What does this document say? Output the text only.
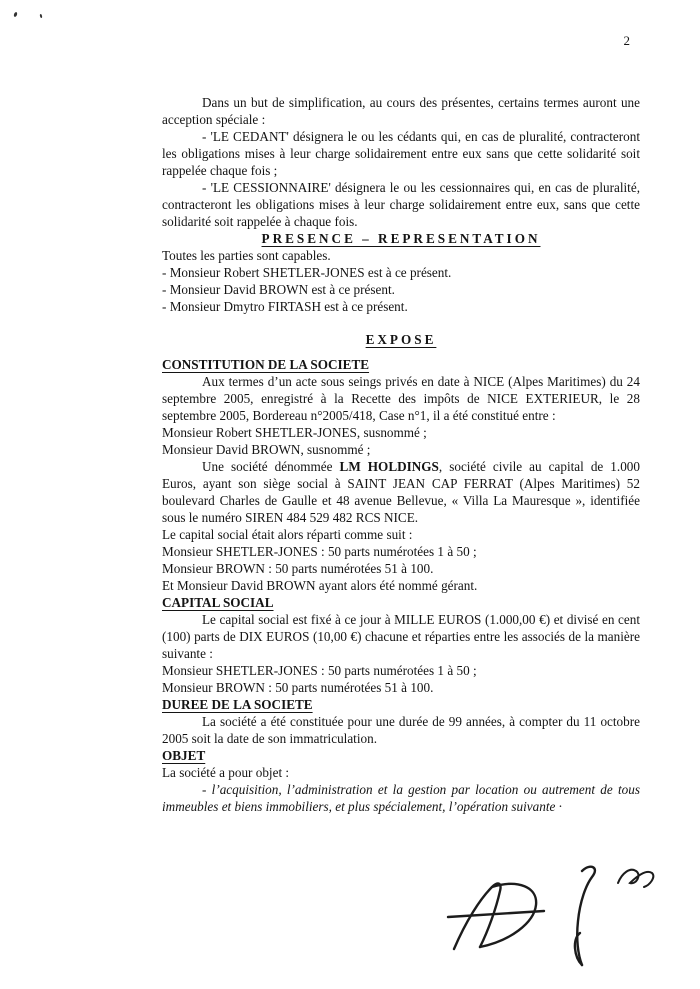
2

Dans un but de simplification, au cours des présentes, certains termes auront une acception spéciale :

- 'LE CEDANT' désignera le ou les cédants qui, en cas de pluralité, contracteront les obligations mises à leur charge solidairement entre eux sans que cette solidarité soit rappelée chaque fois ;

- 'LE CESSIONNAIRE' désignera le ou les cessionnaires qui, en cas de pluralité, contracteront les obligations mises à leur charge solidairement entre eux, sans que cette solidarité soit rappelée à chaque fois.

PRESENCE – REPRESENTATION

Toutes les parties sont capables.

- Monsieur Robert SHETLER-JONES est à ce présent.

- Monsieur David BROWN est à ce présent.

- Monsieur Dmytro FIRTASH est à ce présent.

EXPOSE

CONSTITUTION DE LA SOCIETE

Aux termes d’un acte sous seings privés en date à NICE (Alpes Maritimes) du 24 septembre 2005, enregistré à la Recette des impôts de NICE EXTERIEUR, le 28 septembre 2005, Bordereau n°2005/418, Case n°1, il a été constitué entre :

Monsieur Robert SHETLER-JONES, susnommé ;

Monsieur David BROWN, susnommé ;

Une société dénommée LM HOLDINGS, société civile au capital de 1.000 Euros, ayant son siège social à SAINT JEAN CAP FERRAT (Alpes Maritimes) 52 boulevard Charles de Gaulle et 48 avenue Bellevue, « Villa La Mauresque », identifiée sous le numéro SIREN 484 529 482 RCS NICE.

Le capital social était alors réparti comme suit :

Monsieur SHETLER-JONES : 50 parts numérotées 1 à 50 ;

Monsieur BROWN : 50 parts numérotées 51 à 100.

Et Monsieur David BROWN ayant alors été nommé gérant.

CAPITAL SOCIAL

Le capital social est fixé à ce jour à MILLE EUROS (1.000,00 €) et divisé en cent (100) parts de DIX EUROS (10,00 €) chacune et réparties entre les associés de la manière suivante :

Monsieur SHETLER-JONES : 50 parts numérotées 1 à 50 ;

Monsieur BROWN : 50 parts numérotées 51 à 100.

DUREE DE LA SOCIETE

La société a été constituée pour une durée de 99 années, à compter du 11 octobre 2005 soit la date de son immatriculation.

OBJET

La société a pour objet :

- l’acquisition, l’administration et la gestion par location ou autrement de tous immeubles et biens immobiliers, et plus spécialement, l’opération suivante ·
